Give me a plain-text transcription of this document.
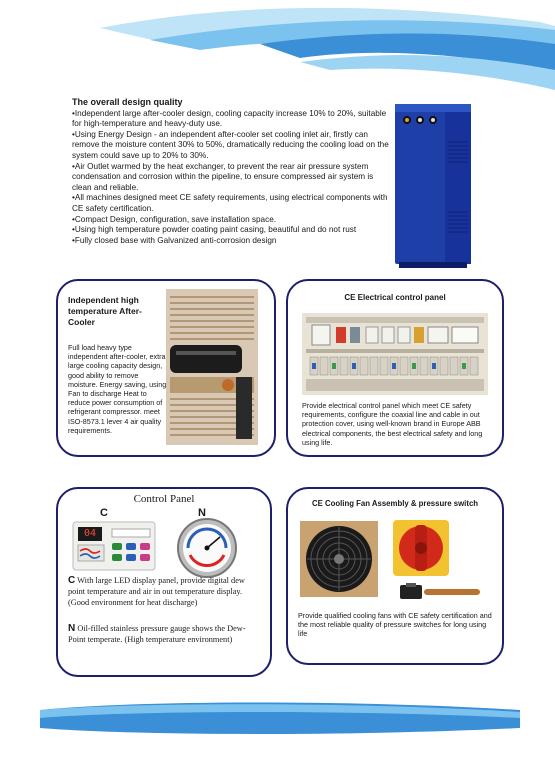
The overall design quality

•Independent large after-cooler design, cooling capacity increase 10% to 20%, suitable for high-temperature and heavy-duty use.

•Using Energy Design - an independent after-cooler set cooling inlet air, firstly can remove the moisture content 30% to 50%, dramatically reducing the cooling load on the system could save up to 20% to 30%.

•Air Outlet warmed by the heat exchanger, to prevent the rear air pressure system condensation and corrosion within the pipeline, to ensure compressed air system is clean and reliable.

•All machines designed meet CE safety requirements, using electrical components with CE safety certification.

•Compact Design, configuration, save installation space.

•Using high temperature powder coating paint casing, beautiful and do not rust

•Fully closed base with Galvanized anti-corrosion design

Independent high temperature After-Cooler
Full load heavy type independent after-cooler, extra large cooling capacity design, good ability to remove moisture. Energy saving, using Fan to discharge Heat to reduce power consumption of refrigerant compressor. meet ISO-8573.1 lever 4 air quality requirements.
CE Electrical control panel
Provide electrical control panel which meet CE safety requirements, configure the coaxial line and cable in out protection cover, using well-known brand in Europe ABB electrical components, the best electrical safety and long using life.
Control Panel
C	N
04
C With large LED display panel, provide digital dew point temperature and air in out temperature display.(Good environment for heat discharge)
N Oil-filled stainless pressure gauge shows the Dew-Point temperate. (High temperature environment)
CE Cooling Fan Assembly & pressure switch
Provide qualified cooling fans with CE safety certification and the most reliable quality of pressure switches for long using life
